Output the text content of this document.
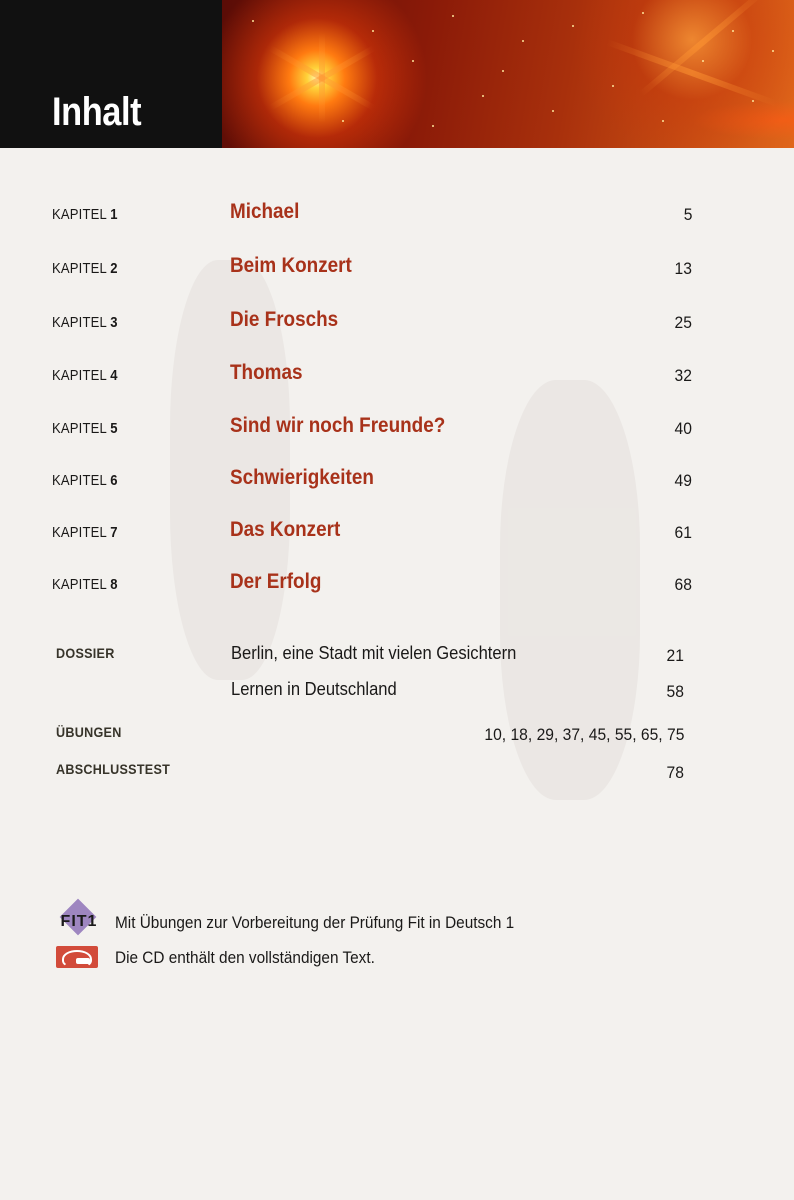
Inhalt
KAPITEL 1	Michael	5
KAPITEL 2	Beim Konzert	13
KAPITEL 3	Die Froschs	25
KAPITEL 4	Thomas	32
KAPITEL 5	Sind wir noch Freunde?	40
KAPITEL 6	Schwierigkeiten	49
KAPITEL 7	Das Konzert	61
KAPITEL 8	Der Erfolg	68
DOSSIER	Berlin, eine Stadt mit vielen Gesichtern	21
Lernen in Deutschland	58
ÜBUNGEN	10, 18, 29, 37, 45, 55, 65, 75
ABSCHLUSSTEST	78
FIT1 Mit Übungen zur Vorbereitung der Prüfung Fit in Deutsch 1
Die CD enthält den vollständigen Text.
